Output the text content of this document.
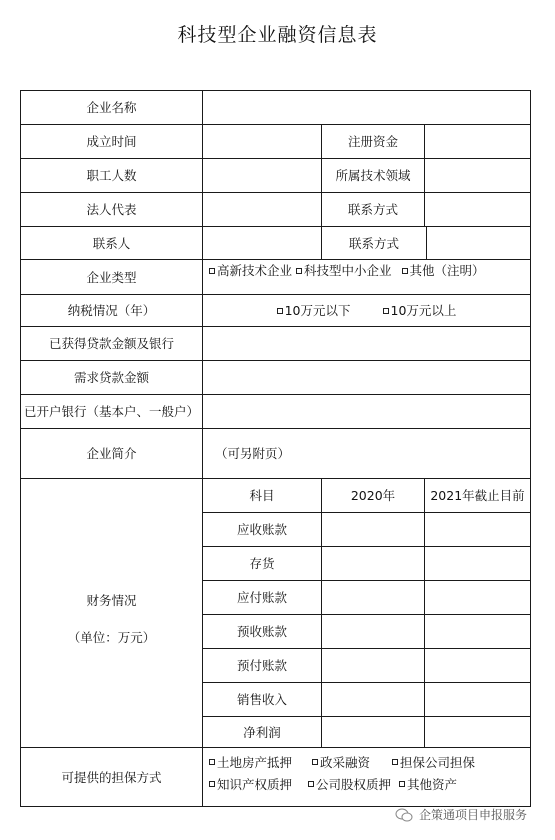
科技型企业融资信息表
企业名称
成立时间	注册资金
职工人数	所属技术领域
法人代表	联系方式
联系人	联系方式
企业类型	高新技术企业 科技型中小企业 其他（注明）
纳税情况（年）	10万元以下	10万元以上
已获得贷款金额及银行
需求贷款金额
已开户银行（基本户、一般户）
企业简介	（可另附页）
财务情况
（单位：万元）
科目	2020年	2021年截止目前
应收账款
存货
应付账款
预收账款
预付账款
销售收入
净利润
可提供的担保方式
土地房产抵押 政采融资 担保公司担保
知识产权质押 公司股权质押 其他资产
企策通项目申报服务
